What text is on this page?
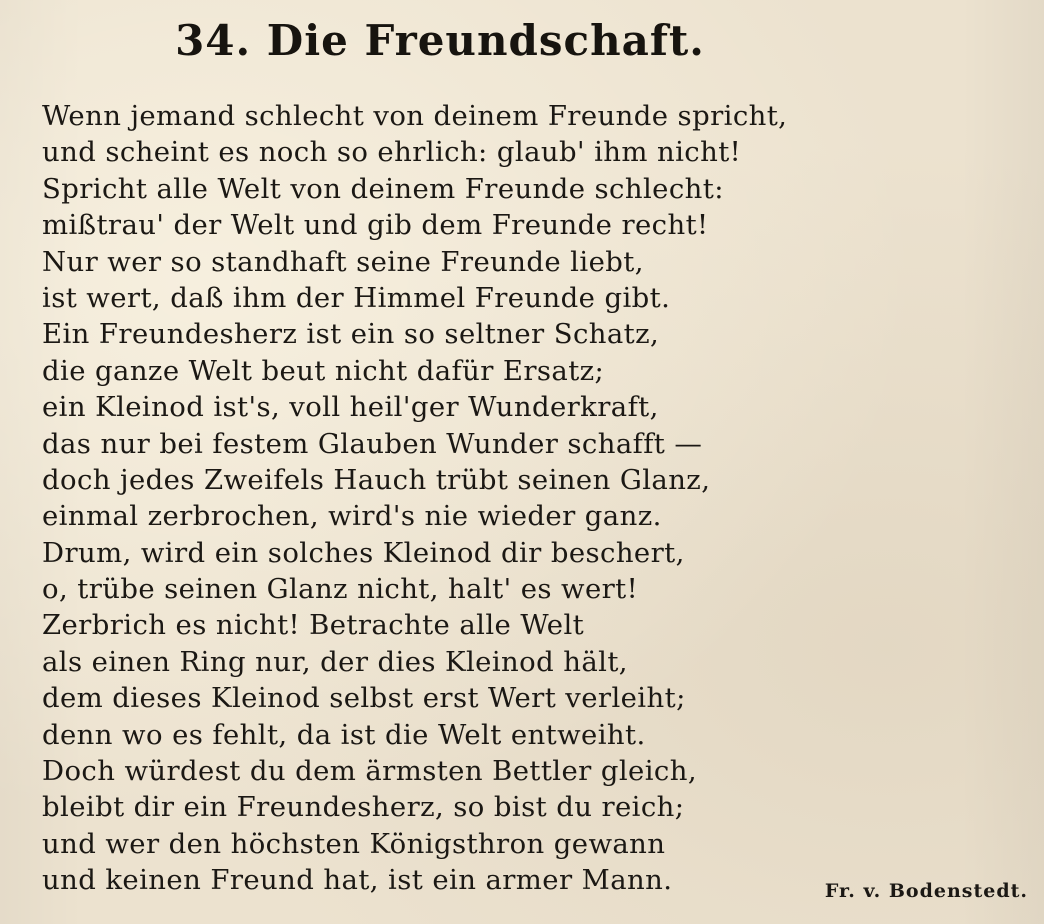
34. Die Freundschaft.
Wenn jemand schlecht von deinem Freunde spricht,
und scheint es noch so ehrlich: glaub' ihm nicht!
Spricht alle Welt von deinem Freunde schlecht:
mißtrau' der Welt und gib dem Freunde recht!
Nur wer so standhaft seine Freunde liebt,
ist wert, daß ihm der Himmel Freunde gibt.
Ein Freundesherz ist ein so seltner Schatz,
die ganze Welt beut nicht dafür Ersatz;
ein Kleinod ist's, voll heil'ger Wunderkraft,
das nur bei festem Glauben Wunder schafft —
doch jedes Zweifels Hauch trübt seinen Glanz,
einmal zerbrochen, wird's nie wieder ganz.
Drum, wird ein solches Kleinod dir beschert,
o, trübe seinen Glanz nicht, halt' es wert!
Zerbrich es nicht! Betrachte alle Welt
als einen Ring nur, der dies Kleinod hält,
dem dieses Kleinod selbst erst Wert verleiht;
denn wo es fehlt, da ist die Welt entweiht.
Doch würdest du dem ärmsten Bettler gleich,
bleibt dir ein Freundesherz, so bist du reich;
und wer den höchsten Königsthron gewann
und keinen Freund hat, ist ein armer Mann.	Fr. v. Bodenstedt.
